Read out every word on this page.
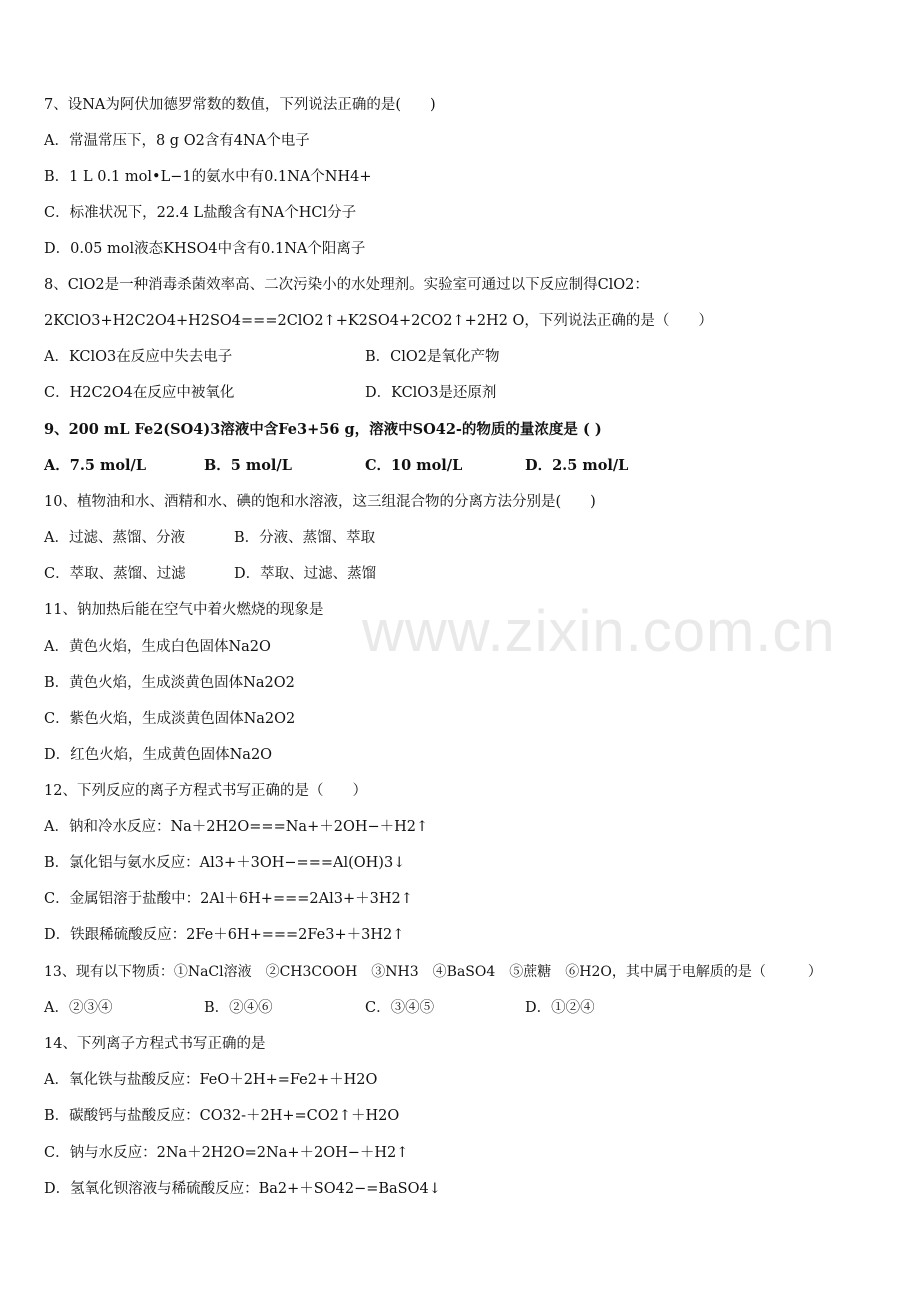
www.zixin.com.cn
7、设NA为阿伏加德罗常数的数值，下列说法正确的是(　　)
A．常温常压下，8 g O2含有4NA个电子
B．1 L 0.1 mol•L−1的氨水中有0.1NA个NH4+
C．标准状况下，22.4 L盐酸含有NA个HCl分子
D．0.05 mol液态KHSO4中含有0.1NA个阳离子
8、ClO2是一种消毒杀菌效率高、二次污染小的水处理剂。实验室可通过以下反应制得ClO2：
2KClO3+H2C2O4+H2SO4===2ClO2↑+K2SO4+2CO2↑+2H2 O，下列说法正确的是（　　）
A．KClO3在反应中失去电子	B．ClO2是氧化产物
C．H2C2O4在反应中被氧化	D．KClO3是还原剂
9、200 mL Fe2(SO4)3溶液中含Fe3+56 g，溶液中SO42-的物质的量浓度是 ( )
A．7.5 mol/L	B．5 mol/L	C．10 mol/L	D．2.5 mol/L
10、植物油和水、酒精和水、碘的饱和水溶液，这三组混合物的分离方法分别是(　　)
A．过滤、蒸馏、分液	B．分液、蒸馏、萃取
C．萃取、蒸馏、过滤	D．萃取、过滤、蒸馏
11、钠加热后能在空气中着火燃烧的现象是
A．黄色火焰，生成白色固体Na2O
B．黄色火焰，生成淡黄色固体Na2O2
C．紫色火焰，生成淡黄色固体Na2O2
D．红色火焰，生成黄色固体Na2O
12、下列反应的离子方程式书写正确的是（　　）
A．钠和冷水反应：Na＋2H2O===Na+＋2OH−＋H2↑
B．氯化铝与氨水反应：Al3+＋3OH−===Al(OH)3↓
C．金属铝溶于盐酸中：2Al＋6H+===2Al3+＋3H2↑
D．铁跟稀硫酸反应：2Fe＋6H+===2Fe3+＋3H2↑
13、现有以下物质：①NaCl溶液　②CH3COOH　③NH3　④BaSO4　⑤蔗糖　⑥H2O，其中属于电解质的是（　　　）
A．②③④	B．②④⑥	C．③④⑤	D．①②④
14、下列离子方程式书写正确的是
A．氧化铁与盐酸反应：FeO＋2H+=Fe2+＋H2O
B．碳酸钙与盐酸反应：CO32-＋2H+=CO2↑＋H2O
C．钠与水反应：2Na＋2H2O=2Na+＋2OH−＋H2↑
D．氢氧化钡溶液与稀硫酸反应：Ba2+＋SO42−=BaSO4↓
